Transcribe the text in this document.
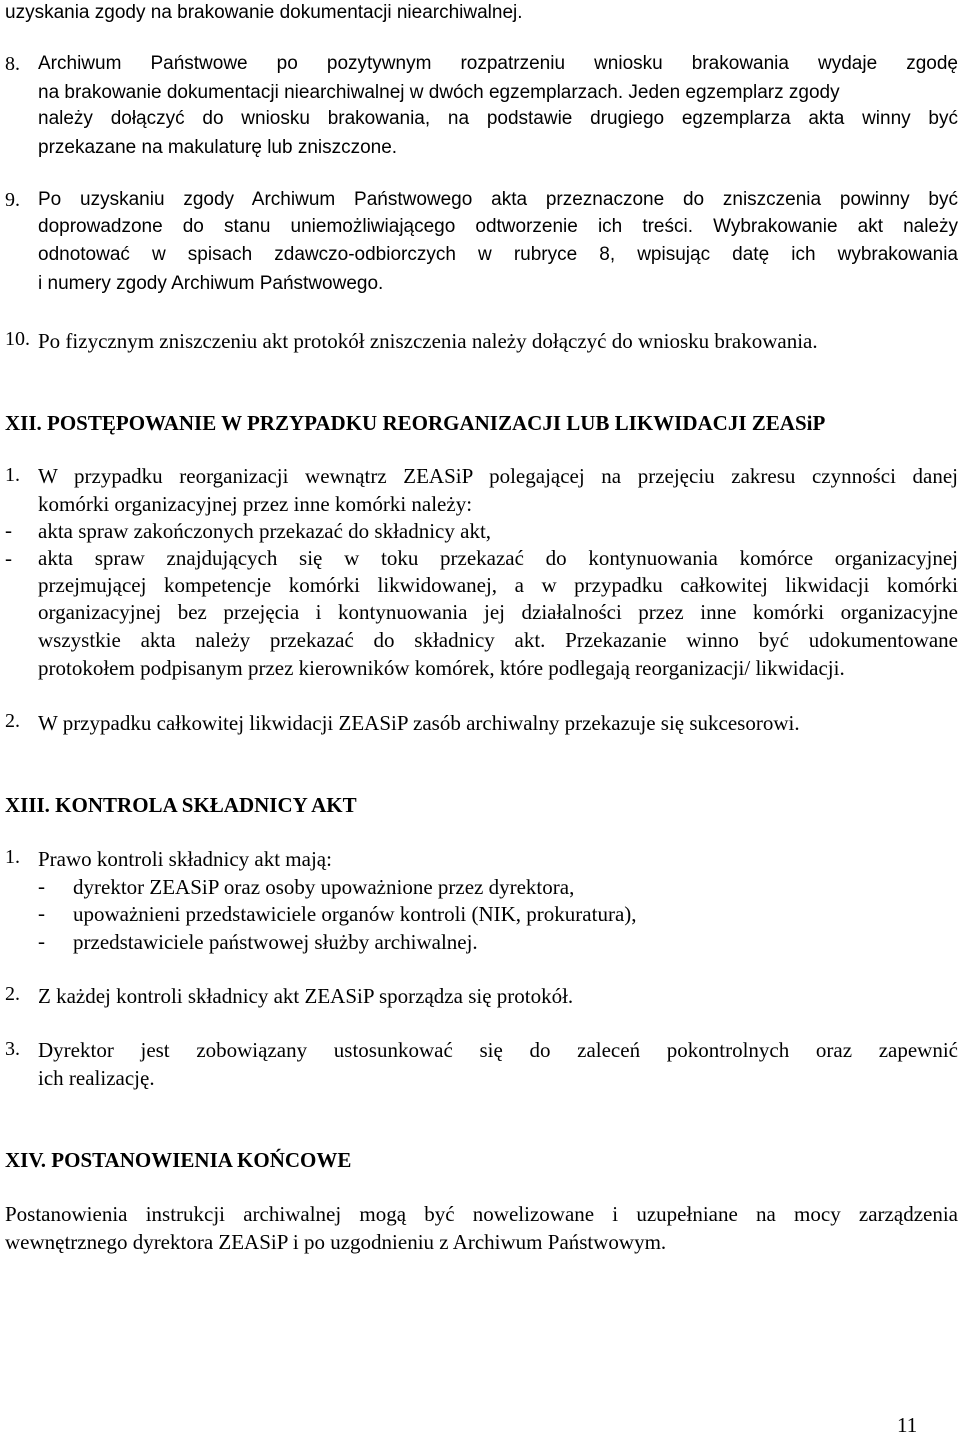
uzyskania zgody na brakowanie dokumentacji niearchiwalnej.
8. Archiwum Państwowe po pozytywnym rozpatrzeniu wniosku brakowania wydaje zgodę
na brakowanie dokumentacji niearchiwalnej w dwóch egzemplarzach. Jeden egzemplarz zgody
należy dołączyć do wniosku brakowania, na podstawie drugiego egzemplarza akta winny być
przekazane na makulaturę lub zniszczone.
9. Po uzyskaniu zgody Archiwum Państwowego akta przeznaczone do zniszczenia powinny być
doprowadzone do stanu uniemożliwiającego odtworzenie ich treści. Wybrakowanie akt należy
odnotować w spisach zdawczo-odbiorczych w rubryce 8, wpisując datę ich wybrakowania
i numery zgody Archiwum Państwowego.
10. Po fizycznym zniszczeniu akt protokół zniszczenia należy dołączyć do wniosku brakowania.
XII. POSTĘPOWANIE W PRZYPADKU REORGANIZACJI LUB LIKWIDACJI ZEASiP
1. W przypadku reorganizacji wewnątrz ZEASiP polegającej na przejęciu zakresu czynności danej
komórki organizacyjnej przez inne komórki należy:
- akta spraw zakończonych przekazać do składnicy akt,
- akta spraw znajdujących się w toku przekazać do kontynuowania komórce organizacyjnej
przejmującej kompetencje komórki likwidowanej, a w przypadku całkowitej likwidacji komórki
organizacyjnej bez przejęcia i kontynuowania jej działalności przez inne komórki organizacyjne
wszystkie akta należy przekazać do składnicy akt. Przekazanie winno być udokumentowane
protokołem podpisanym przez kierowników komórek, które podlegają reorganizacji/ likwidacji.
2. W przypadku całkowitej likwidacji ZEASiP zasób archiwalny przekazuje się sukcesorowi.
XIII. KONTROLA SKŁADNICY AKT
1. Prawo kontroli składnicy akt mają:
- dyrektor ZEASiP oraz osoby upoważnione przez dyrektora,
- upoważnieni przedstawiciele organów kontroli (NIK, prokuratura),
- przedstawiciele państwowej służby archiwalnej.
2. Z każdej kontroli składnicy akt ZEASiP sporządza się protokół.
3. Dyrektor jest zobowiązany ustosunkować się do zaleceń pokontrolnych oraz zapewnić
ich realizację.
XIV. POSTANOWIENIA KOŃCOWE
Postanowienia instrukcji archiwalnej mogą być nowelizowane i uzupełniane na mocy zarządzenia
wewnętrznego dyrektora ZEASiP i po uzgodnieniu z Archiwum Państwowym.
11
